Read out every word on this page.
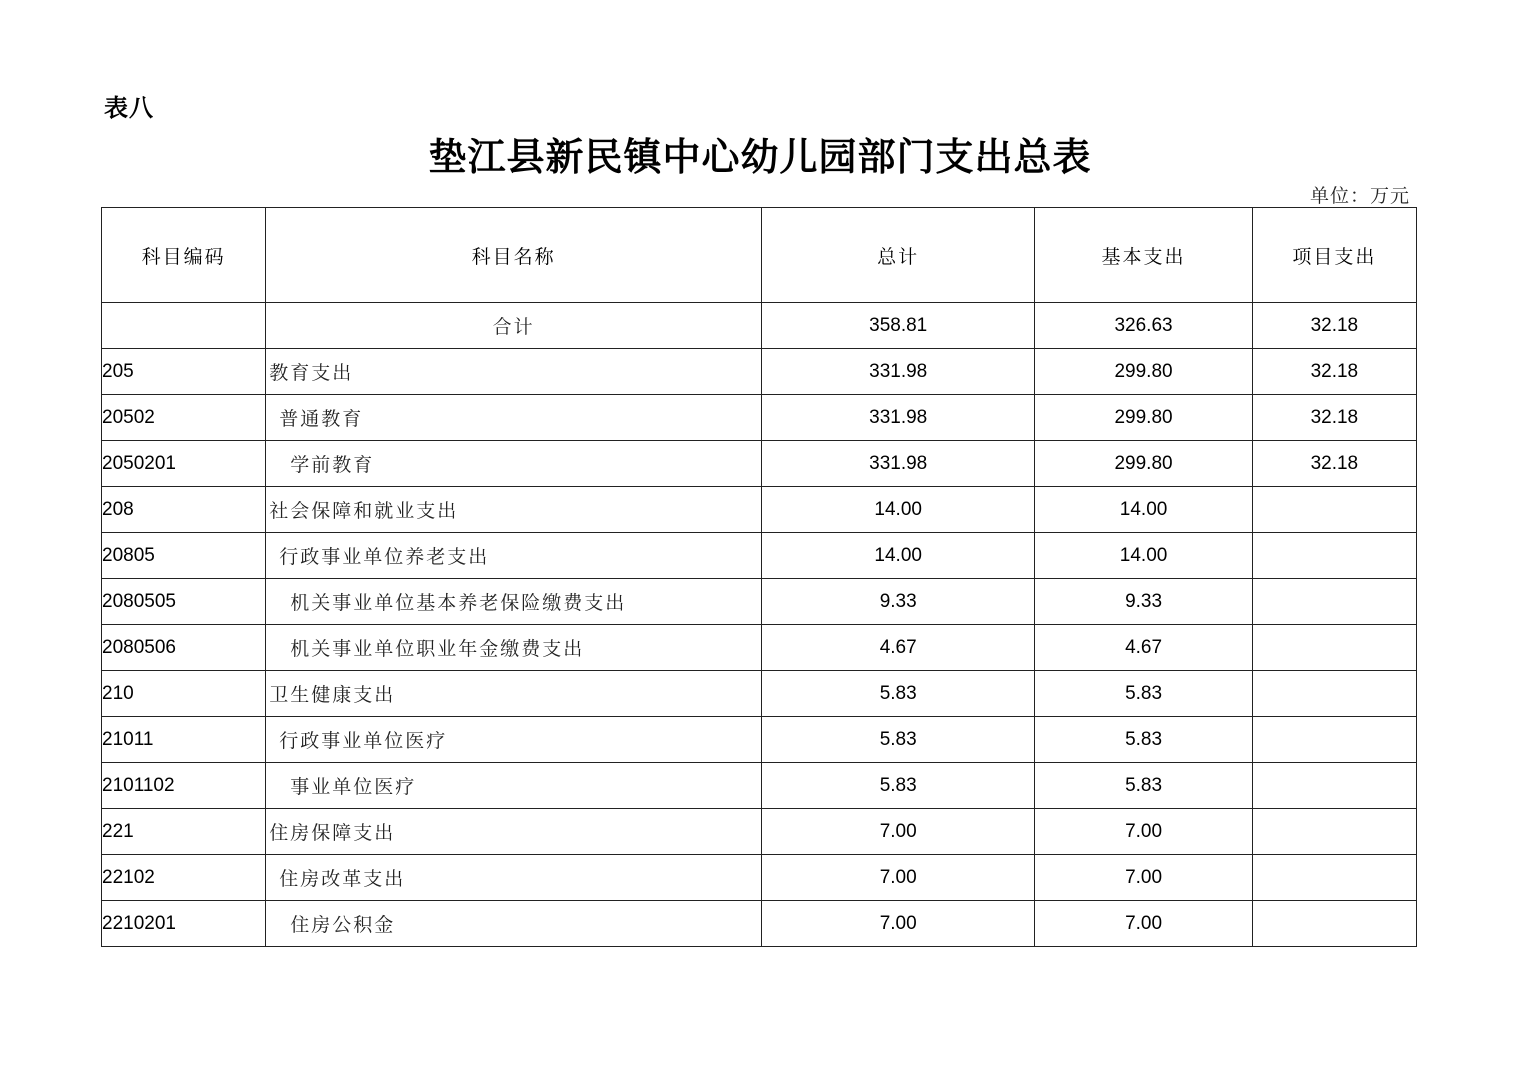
表八
垫江县新民镇中心幼儿园部门支出总表
单位：万元
科目编码	科目名称	总计	基本支出	项目支出
	合计	358.81	326.63	32.18
205	教育支出	331.98	299.80	32.18
20502	普通教育	331.98	299.80	32.18
2050201	学前教育	331.98	299.80	32.18
208	社会保障和就业支出	14.00	14.00	
20805	行政事业单位养老支出	14.00	14.00	
2080505	机关事业单位基本养老保险缴费支出	9.33	9.33	
2080506	机关事业单位职业年金缴费支出	4.67	4.67	
210	卫生健康支出	5.83	5.83	
21011	行政事业单位医疗	5.83	5.83	
2101102	事业单位医疗	5.83	5.83	
221	住房保障支出	7.00	7.00	
22102	住房改革支出	7.00	7.00	
2210201	住房公积金	7.00	7.00	
